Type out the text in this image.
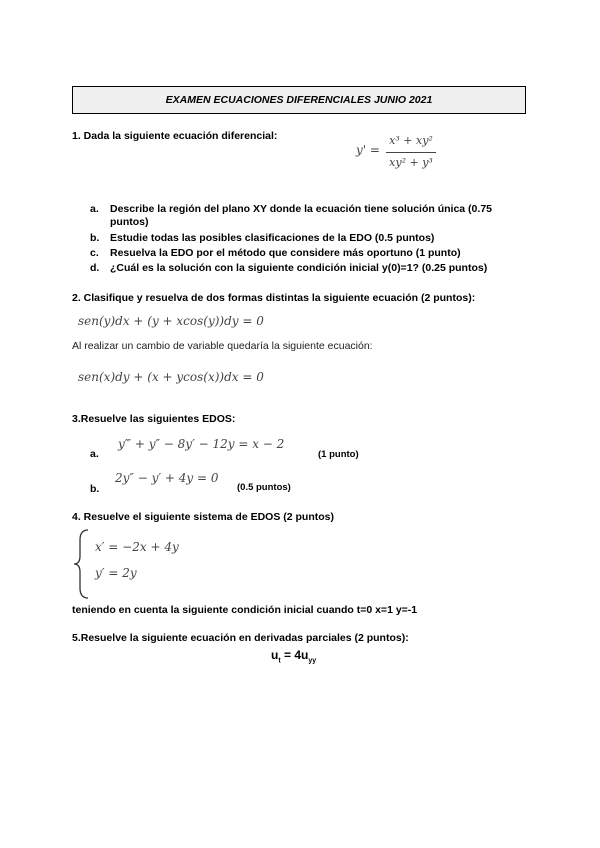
EXAMEN ECUACIONES DIFERENCIALES JUNIO 2021
1. Dada la siguiente ecuación diferencial:
y' =
x³ + xy²
xy² + y³
a. Describe la región del plano XY donde la ecuación tiene solución única (0.75
puntos)
b. Estudie todas las posibles clasificaciones de la EDO (0.5 puntos)
c. Resuelva la EDO por el método que considere más oportuno (1 punto)
d. ¿Cuál es la solución con la siguiente condición inicial y(0)=1? (0.25 puntos)
2. Clasifique y resuelva de dos formas distintas la siguiente ecuación (2 puntos):
sen(y)dx + (y + xcos(y))dy = 0
Al realizar un cambio de variable quedaría la siguiente ecuación:
sen(x)dy + (x + ycos(x))dx = 0
3.Resuelve las siguientes EDOS:
a.
y‴ + y″ − 8y′ − 12y = x − 2
(1 punto)
b.
2y″ − y′ + 4y = 0
(0.5 puntos)
4. Resuelve el siguiente sistema de EDOS (2 puntos)
x′ = −2x + 4y
y′ = 2y
teniendo en cuenta la siguiente condición inicial cuando t=0 x=1 y=-1
5.Resuelve la siguiente ecuación en derivadas parciales (2 puntos):
$u_t = 4u_{yy}$
